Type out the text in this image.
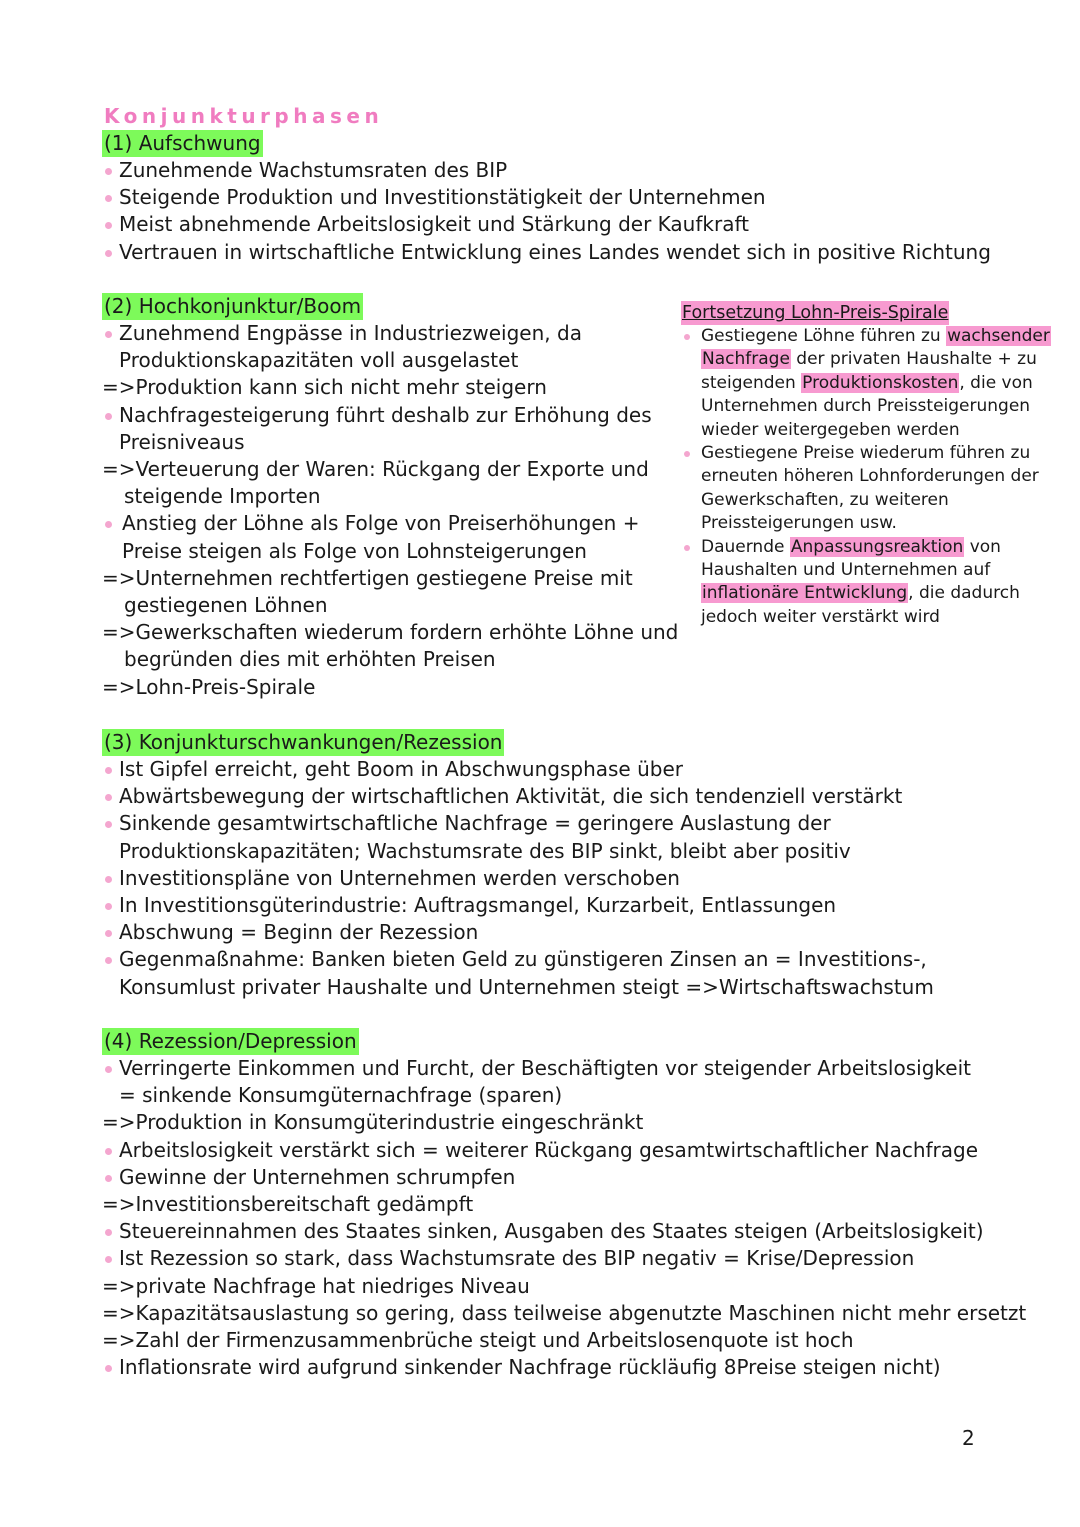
Konjunkturphasen
(1) Aufschwung
Zunehmende Wachstumsraten des BIP
Steigende Produktion und Investitionstätigkeit der Unternehmen
Meist abnehmende Arbeitslosigkeit und Stärkung der Kaufkraft
Vertrauen in wirtschaftliche Entwicklung eines Landes wendet sich in positive Richtung
(2) Hochkonjunktur/Boom
Zunehmend Engpässe in Industriezweigen, da
Produktionskapazitäten voll ausgelastet
=>Produktion kann sich nicht mehr steigern
Nachfragesteigerung führt deshalb zur Erhöhung des
Preisniveaus
=>Verteuerung der Waren: Rückgang der Exporte und
steigende Importen
Anstieg der Löhne als Folge von Preiserhöhungen +
Preise steigen als Folge von Lohnsteigerungen
=>Unternehmen rechtfertigen gestiegene Preise mit
gestiegenen Löhnen
=>Gewerkschaften wiederum fordern erhöhte Löhne und
begründen dies mit erhöhten Preisen
=>Lohn-Preis-Spirale
Fortsetzung Lohn-Preis-Spirale
Gestiegene Löhne führen zu wachsender
Nachfrage der privaten Haushalte + zu
steigenden Produktionskosten, die von
Unternehmen durch Preissteigerungen
wieder weitergegeben werden
Gestiegene Preise wiederum führen zu
erneuten höheren Lohnforderungen der
Gewerkschaften, zu weiteren
Preissteigerungen usw.
Dauernde Anpassungsreaktion von
Haushalten und Unternehmen auf
inflationäre Entwicklung, die dadurch
jedoch weiter verstärkt wird
(3) Konjunkturschwankungen/Rezession
Ist Gipfel erreicht, geht Boom in Abschwungsphase über
Abwärtsbewegung der wirtschaftlichen Aktivität, die sich tendenziell verstärkt
Sinkende gesamtwirtschaftliche Nachfrage = geringere Auslastung der
Produktionskapazitäten; Wachstumsrate des BIP sinkt, bleibt aber positiv
Investitionspläne von Unternehmen werden verschoben
In Investitionsgüterindustrie: Auftragsmangel, Kurzarbeit, Entlassungen
Abschwung = Beginn der Rezession
Gegenmaßnahme: Banken bieten Geld zu günstigeren Zinsen an = Investitions-,
Konsumlust privater Haushalte und Unternehmen steigt =>Wirtschaftswachstum
(4) Rezession/Depression
Verringerte Einkommen und Furcht, der Beschäftigten vor steigender Arbeitslosigkeit
= sinkende Konsumgüternachfrage (sparen)
=>Produktion in Konsumgüterindustrie eingeschränkt
Arbeitslosigkeit verstärkt sich = weiterer Rückgang gesamtwirtschaftlicher Nachfrage
Gewinne der Unternehmen schrumpfen
=>Investitionsbereitschaft gedämpft
Steuereinnahmen des Staates sinken, Ausgaben des Staates steigen (Arbeitslosigkeit)
Ist Rezession so stark, dass Wachstumsrate des BIP negativ = Krise/Depression
=>private Nachfrage hat niedriges Niveau
=>Kapazitätsauslastung so gering, dass teilweise abgenutzte Maschinen nicht mehr ersetzt
=>Zahl der Firmenzusammenbrüche steigt und Arbeitslosenquote ist hoch
Inflationsrate wird aufgrund sinkender Nachfrage rückläufig 8Preise steigen nicht)
2
